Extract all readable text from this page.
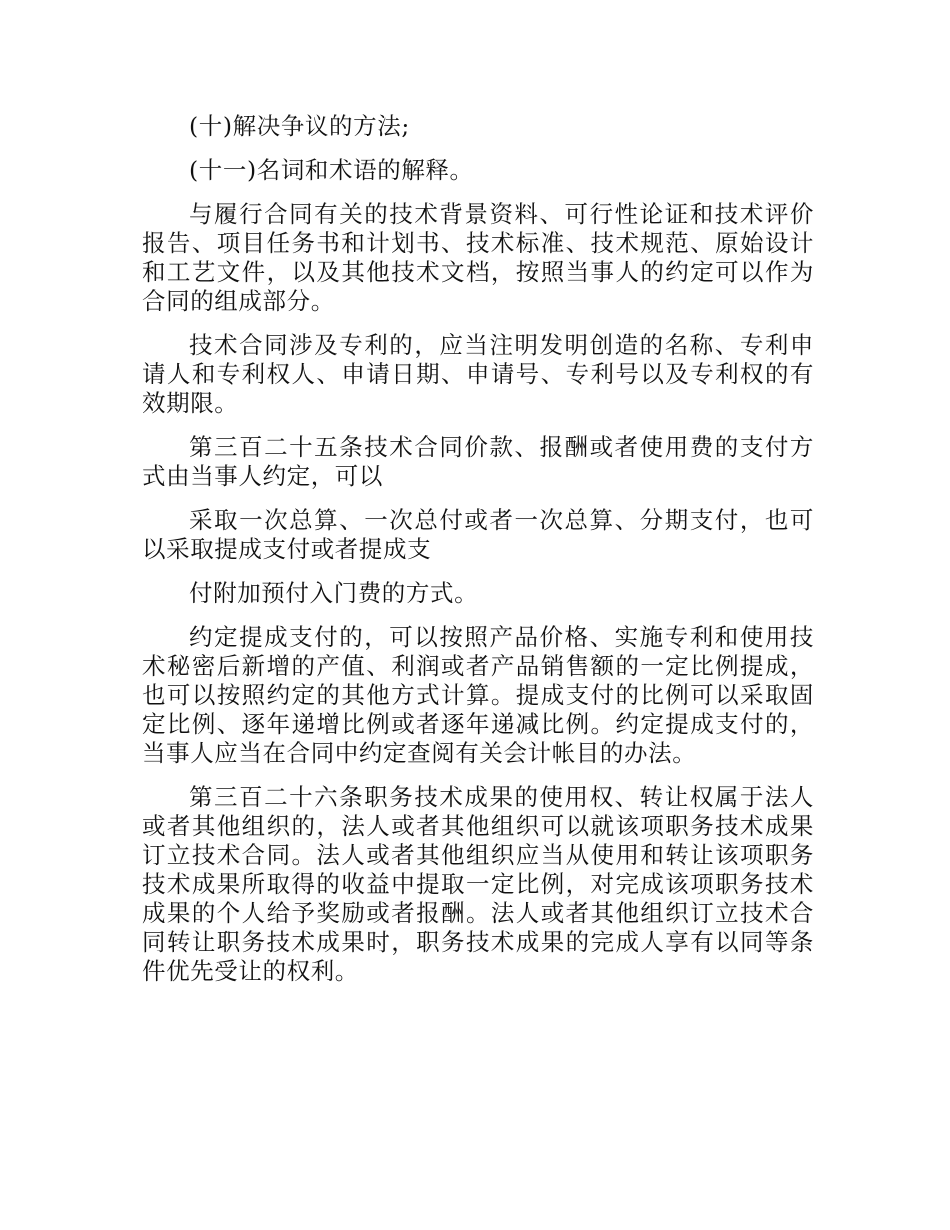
(十)解决争议的方法;

(十一)名词和术语的解释。

与履行合同有关的技术背景资料、可行性论证和技术评价报告、项目任务书和计划书、技术标准、技术规范、原始设计和工艺文件，以及其他技术文档，按照当事人的约定可以作为合同的组成部分。

技术合同涉及专利的，应当注明发明创造的名称、专利申请人和专利权人、申请日期、申请号、专利号以及专利权的有效期限。

第三百二十五条技术合同价款、报酬或者使用费的支付方式由当事人约定，可以

采取一次总算、一次总付或者一次总算、分期支付，也可以采取提成支付或者提成支

付附加预付入门费的方式。

约定提成支付的，可以按照产品价格、实施专利和使用技术秘密后新增的产值、利润或者产品销售额的一定比例提成，也可以按照约定的其他方式计算。提成支付的比例可以采取固定比例、逐年递增比例或者逐年递减比例。约定提成支付的，当事人应当在合同中约定查阅有关会计帐目的办法。

第三百二十六条职务技术成果的使用权、转让权属于法人或者其他组织的，法人或者其他组织可以就该项职务技术成果订立技术合同。法人或者其他组织应当从使用和转让该项职务技术成果所取得的收益中提取一定比例，对完成该项职务技术成果的个人给予奖励或者报酬。法人或者其他组织订立技术合同转让职务技术成果时，职务技术成果的完成人享有以同等条件优先受让的权利。
